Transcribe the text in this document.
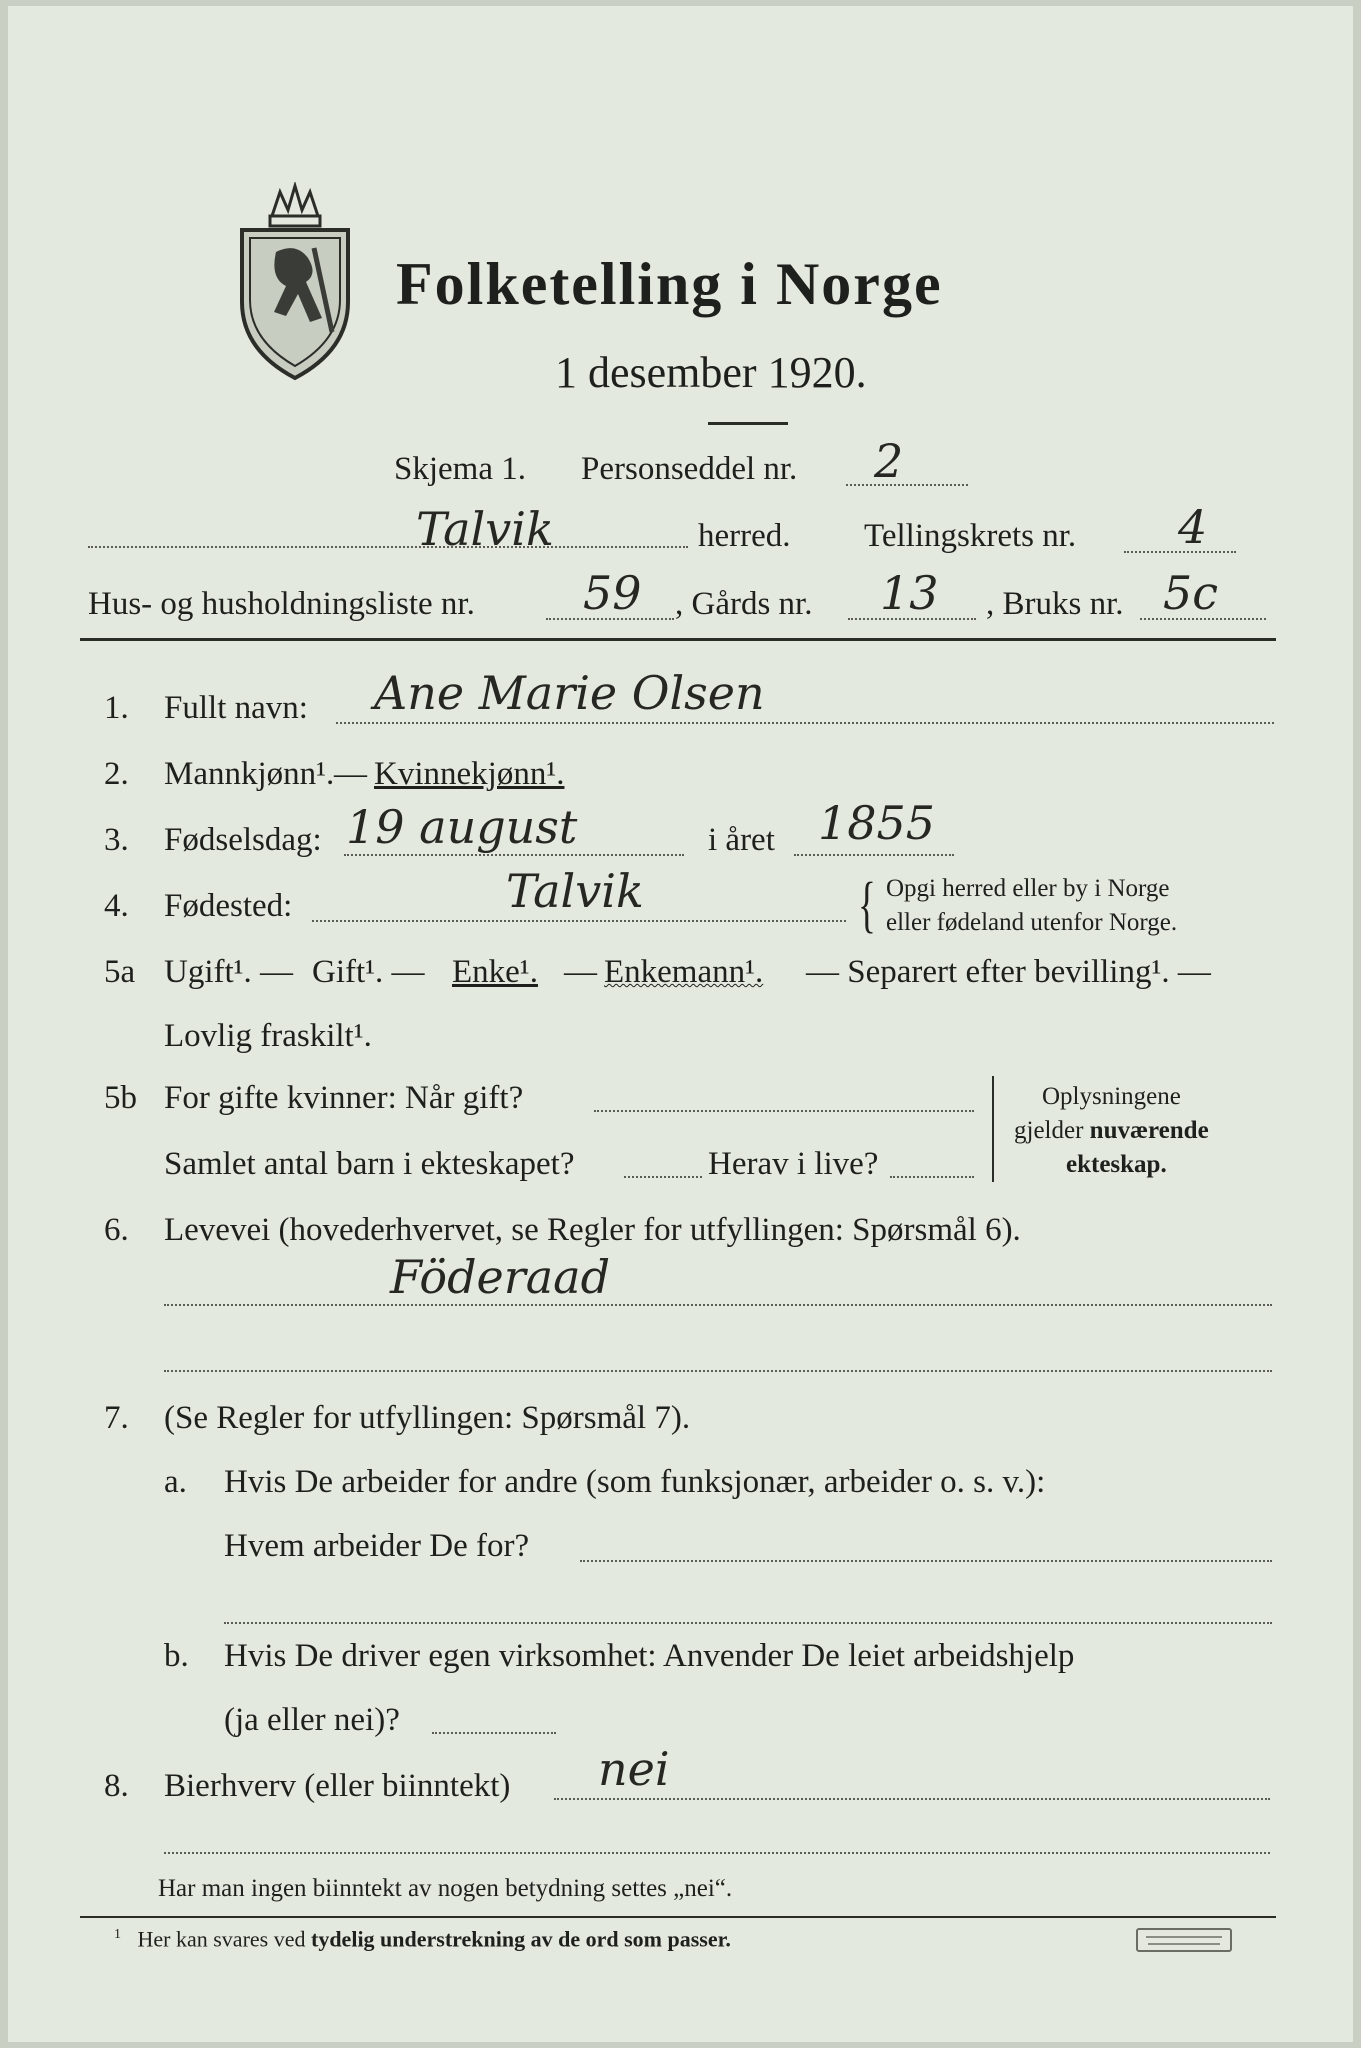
Folketelling i Norge
1 desember 1920.
Skjema 1. Personseddel nr. 2
Talvik	herred. Tellingskrets nr. 4
Hus- og husholdningsliste nr. 59 , Gårds nr. 13 , Bruks nr. 5c
1. Fullt navn: Ane Marie Olsen
2. Mannkjønn¹. — Kvinnekjønn¹.
3. Fødselsdag: 19 august	i året 1855
4. Fødested:	Talvik	{ Opgi herred eller by i Norge
eller fødeland utenfor Norge.
5a Ugift¹. — Gift¹. — Enke¹. — Enkemann¹. — Separert efter bevilling¹. —
Lovlig fraskilt¹.
5b For gifte kvinner: Når gift?
Samlet antal barn i ekteskapet?	Herav i live?
Oplysningene
gjelder nuværende
ekteskap.
6. Levevei (hovederhvervet, se Regler for utfyllingen: Spørsmål 6).
Föderaad
7. (Se Regler for utfyllingen: Spørsmål 7).
a. Hvis De arbeider for andre (som funksjonær, arbeider o. s. v.):
Hvem arbeider De for?
b. Hvis De driver egen virksomhet: Anvender De leiet arbeidshjelp
(ja eller nei)?
8. Bierhverv (eller biinntekt) nei
Har man ingen biinntekt av nogen betydning settes „nei“.
$^1$ Her kan svares ved tydelig understrekning av de ord som passer.
